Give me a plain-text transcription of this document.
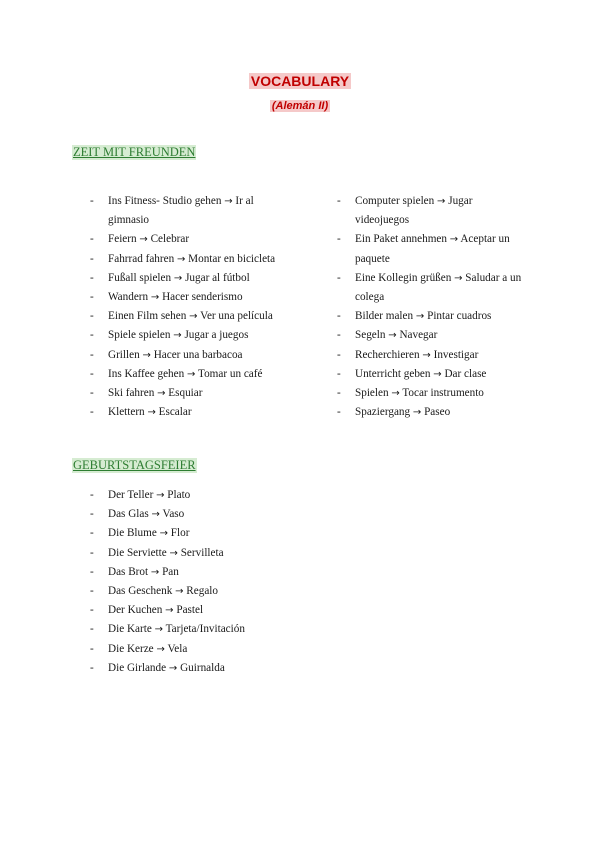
VOCABULARY
(Alemán II)
ZEIT MIT FREUNDEN
- Ins Fitness- Studio gehen → Ir al gimnasio
- Feiern → Celebrar
- Fahrrad fahren → Montar en bicicleta
- Fußall spielen → Jugar al fútbol
- Wandern → Hacer senderismo
- Einen Film sehen → Ver una película
- Spiele spielen → Jugar a juegos
- Grillen → Hacer una barbacoa
- Ins Kaffee gehen → Tomar un café
- Ski fahren → Esquiar
- Klettern → Escalar
- Computer spielen → Jugar videojuegos
- Ein Paket annehmen → Aceptar un paquete
- Eine Kollegin grüßen → Saludar a un colega
- Bilder malen → Pintar cuadros
- Segeln → Navegar
- Recherchieren → Investigar
- Unterricht geben → Dar clase
- Spielen → Tocar instrumento
- Spaziergang → Paseo
GEBURTSTAGSFEIER
- Der Teller → Plato
- Das Glas → Vaso
- Die Blume → Flor
- Die Serviette → Servilleta
- Das Brot → Pan
- Das Geschenk → Regalo
- Der Kuchen → Pastel
- Die Karte → Tarjeta/Invitación
- Die Kerze → Vela
- Die Girlande → Guirnalda
